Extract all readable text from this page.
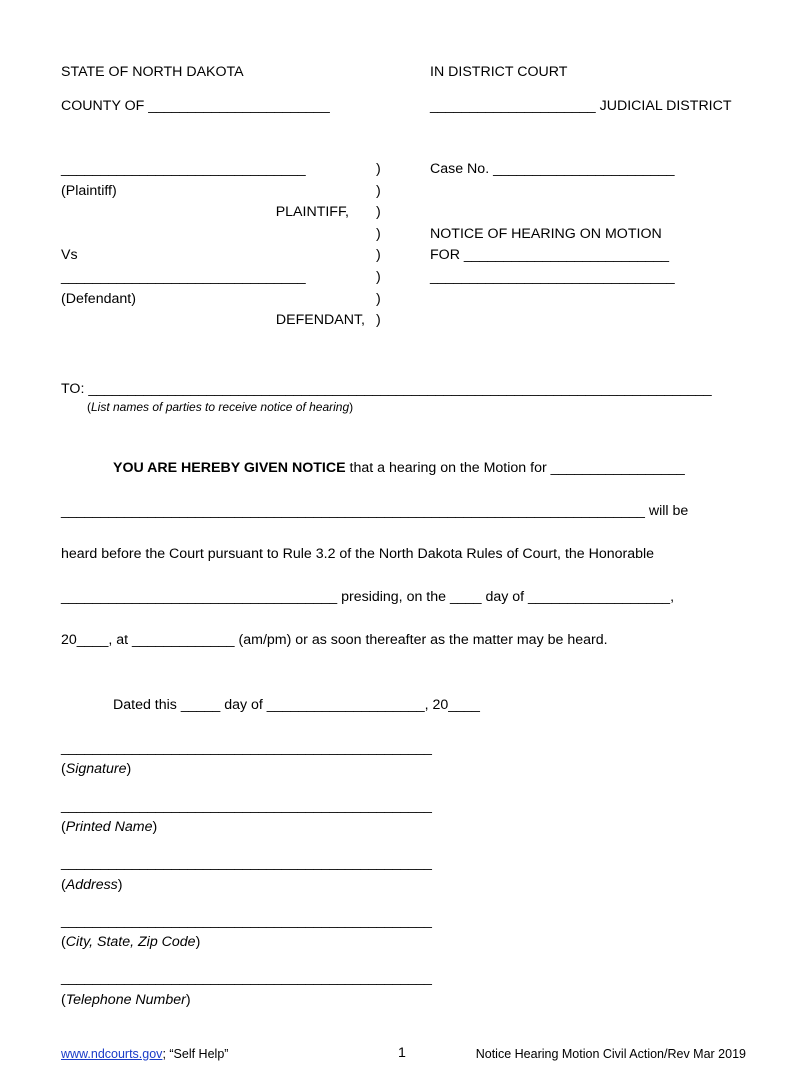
STATE OF NORTH DAKOTA	IN DISTRICT COURT
COUNTY OF _______________________	_____________________ JUDICIAL DISTRICT
_______________________________
(Plaintiff)
PLAINTIFF,
Vs
_______________________________
(Defendant)
DEFENDANT,
)
)
)
)
)
)
)
)
Case No. _______________________
NOTICE OF HEARING ON MOTION
FOR __________________________
_______________________________
TO: _______________________________________________________________________________
(List names of parties to receive notice of hearing)
YOU ARE HEREBY GIVEN NOTICE that a hearing on the Motion for _________________
__________________________________________________________________________ will be
heard before the Court pursuant to Rule 3.2 of the North Dakota Rules of Court, the Honorable
___________________________________ presiding, on the ____ day of __________________,
20____, at _____________ (am/pm) or as soon thereafter as the matter may be heard.
Dated this _____ day of ____________________, 20____
_______________________________________________
(Signature)
_______________________________________________
(Printed Name)
_______________________________________________
(Address)
_______________________________________________
(City, State, Zip Code)
_______________________________________________
(Telephone Number)
www.ndcourts.gov; “Self Help”	1	Notice Hearing Motion Civil Action/Rev Mar 2019
